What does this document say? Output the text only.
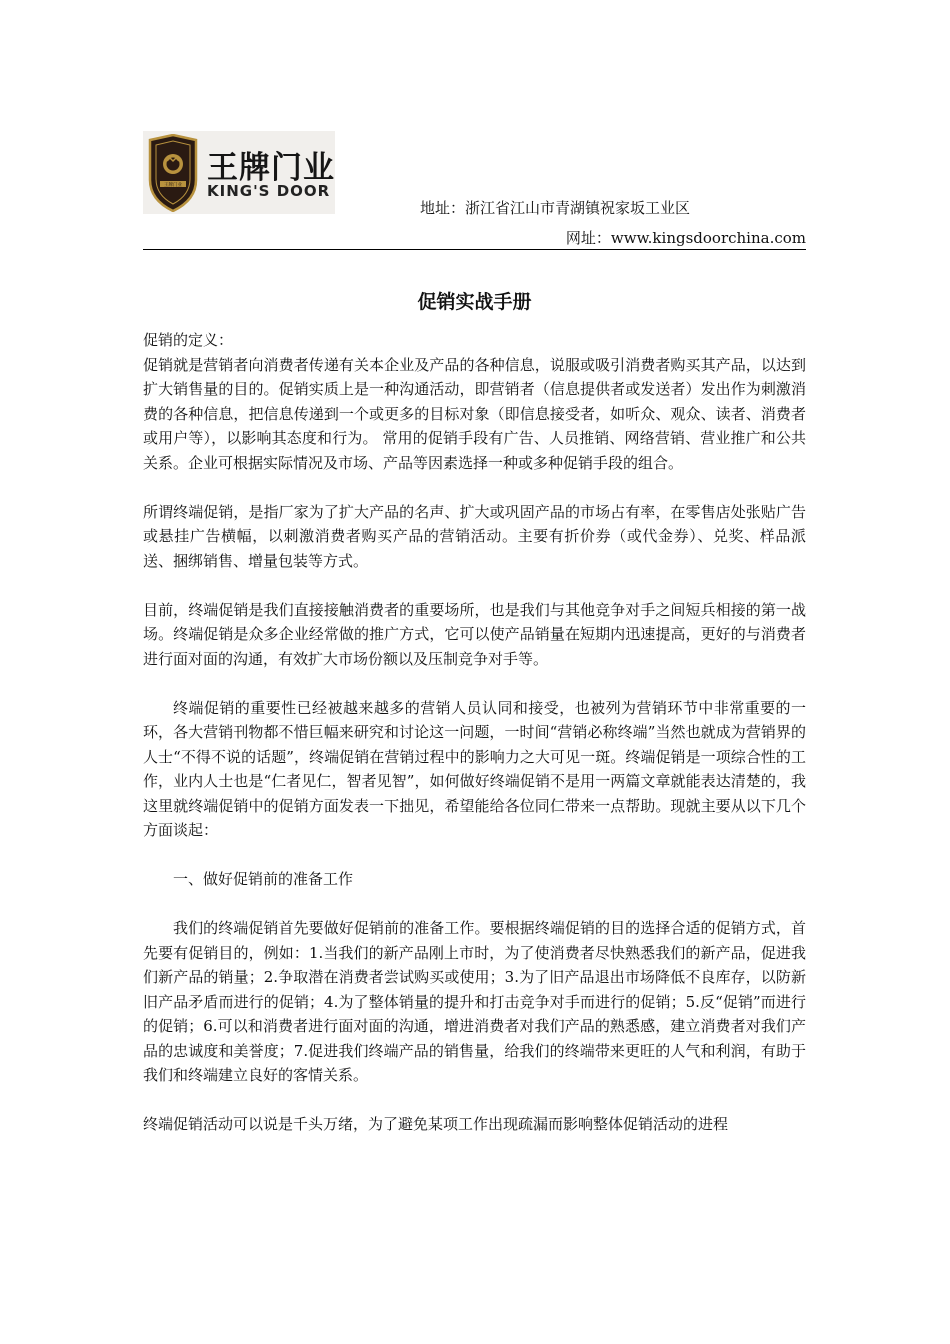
王牌门业 王牌门业
KING'S DOOR
地址：浙江省江山市青湖镇祝家坂工业区
网址：www.kingsdoorchina.com
促销实战手册

促销的定义：

促销就是营销者向消费者传递有关本企业及产品的各种信息，说服或吸引消费者购买其产品，以达到扩大销售量的目的。促销实质上是一种沟通活动，即营销者（信息提供者或发送者）发出作为刺激消费的各种信息，把信息传递到一个或更多的目标对象（即信息接受者，如听众、观众、读者、消费者或用户等），以影响其态度和行为。 常用的促销手段有广告、人员推销、网络营销、营业推广和公共关系。企业可根据实际情况及市场、产品等因素选择一种或多种促销手段的组合。

所谓终端促销，是指厂家为了扩大产品的名声、扩大或巩固产品的市场占有率，在零售店处张贴广告或悬挂广告横幅，以刺激消费者购买产品的营销活动。主要有折价券（或代金券）、兑奖、样品派送、捆绑销售、增量包装等方式。

目前，终端促销是我们直接接触消费者的重要场所，也是我们与其他竞争对手之间短兵相接的第一战场。终端促销是众多企业经常做的推广方式，它可以使产品销量在短期内迅速提高，更好的与消费者进行面对面的沟通，有效扩大市场份额以及压制竞争对手等。

终端促销的重要性已经被越来越多的营销人员认同和接受，也被列为营销环节中非常重要的一环，各大营销刊物都不惜巨幅来研究和讨论这一问题，一时间“营销必称终端”当然也就成为营销界的人士“不得不说的话题”，终端促销在营销过程中的影响力之大可见一斑。终端促销是一项综合性的工作，业内人士也是“仁者见仁，智者见智”，如何做好终端促销不是用一两篇文章就能表达清楚的，我这里就终端促销中的促销方面发表一下拙见，希望能给各位同仁带来一点帮助。现就主要从以下几个方面谈起：

一、做好促销前的准备工作

我们的终端促销首先要做好促销前的准备工作。要根据终端促销的目的选择合适的促销方式，首先要有促销目的，例如：1.当我们的新产品刚上市时，为了使消费者尽快熟悉我们的新产品，促进我们新产品的销量；2.争取潜在消费者尝试购买或使用；3.为了旧产品退出市场降低不良库存，以防新旧产品矛盾而进行的促销；4.为了整体销量的提升和打击竞争对手而进行的促销；5.反“促销”而进行的促销；6.可以和消费者进行面对面的沟通，增进消费者对我们产品的熟悉感，建立消费者对我们产品的忠诚度和美誉度；7.促进我们终端产品的销售量，给我们的终端带来更旺的人气和利润，有助于我们和终端建立良好的客情关系。

终端促销活动可以说是千头万绪，为了避免某项工作出现疏漏而影响整体促销活动的进程
